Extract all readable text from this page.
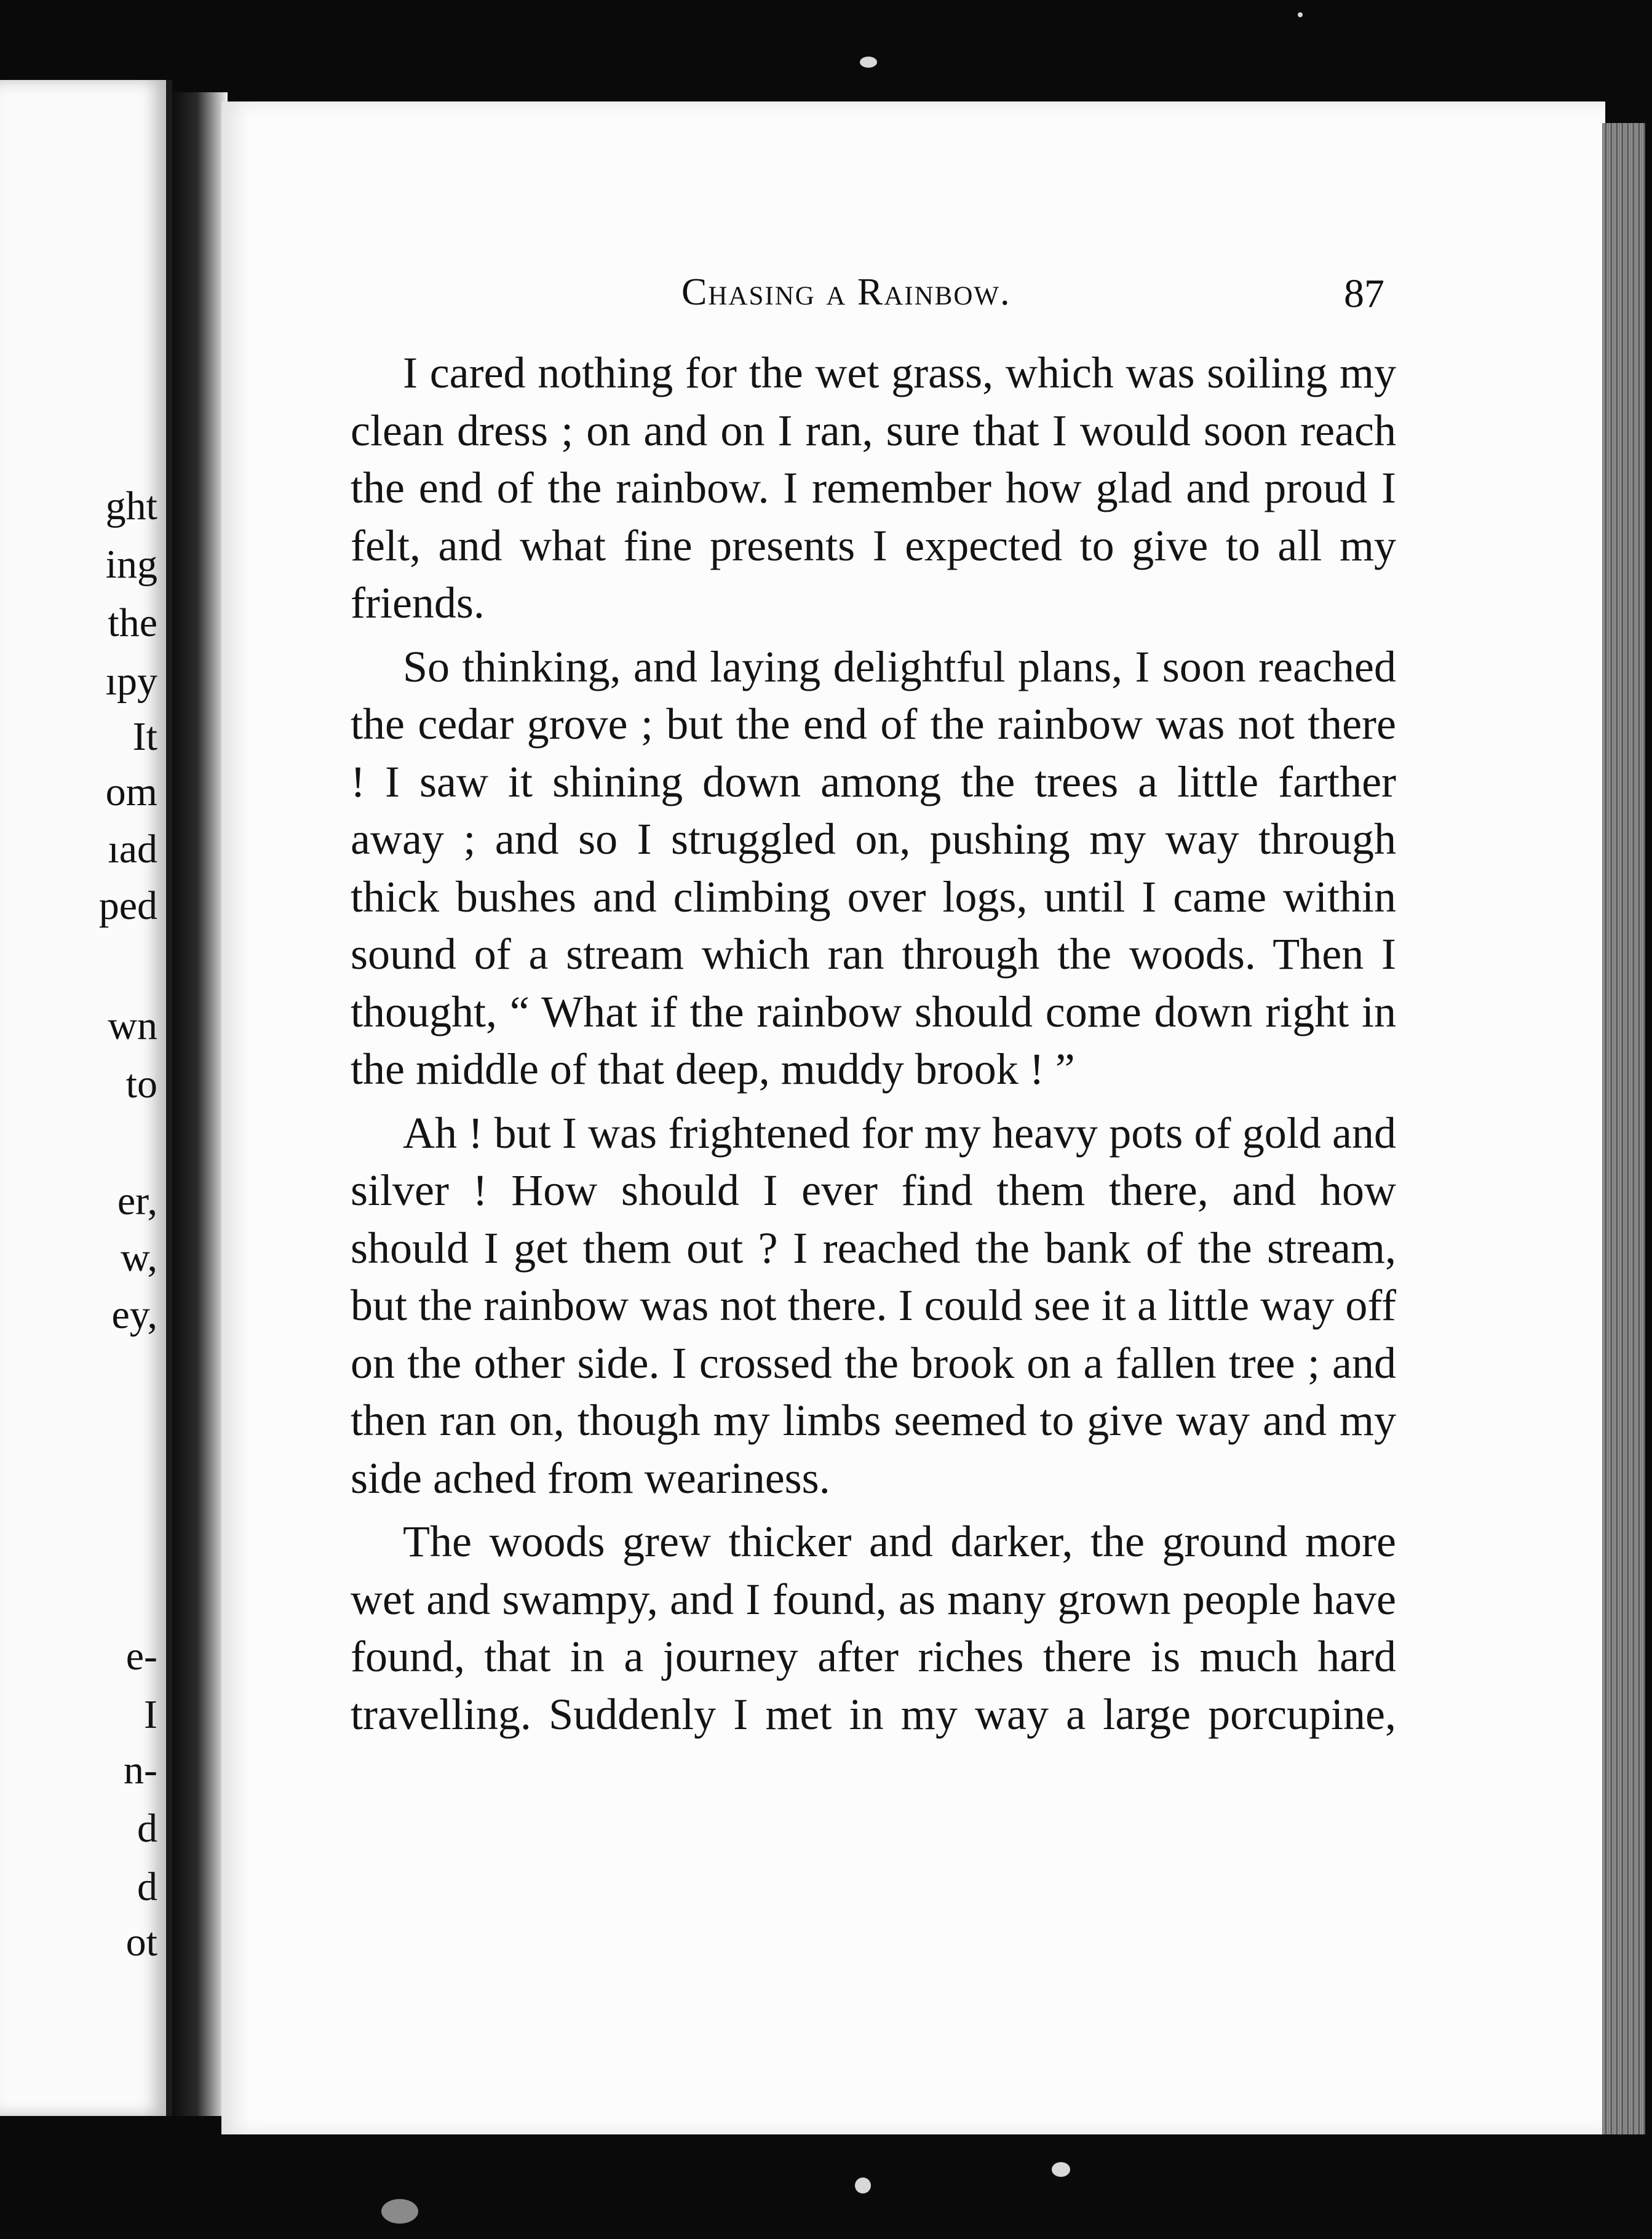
ght
ing
the
ıpy
It
om
ıad
ped
wn
to
er,
w,
ey,
e-
I
n-
d
d
ot
Chasing a Rainbow.	87

I cared nothing for the wet grass, which was soiling my clean dress ; on and on I ran, sure that I would soon reach the end of the rainbow. I remember how glad and proud I felt, and what fine presents I expected to give to all my friends.

So thinking, and laying delightful plans, I soon reached the cedar grove ; but the end of the rainbow was not there ! I saw it shining down among the trees a little farther away ; and so I struggled on, pushing my way through thick bushes and climbing over logs, until I came within sound of a stream which ran through the woods. Then I thought, “ What if the rainbow should come down right in the middle of that deep, muddy brook ! ”

Ah ! but I was frightened for my heavy pots of gold and silver ! How should I ever find them there, and how should I get them out ? I reached the bank of the stream, but the rainbow was not there. I could see it a little way off on the other side. I crossed the brook on a fallen tree ; and then ran on, though my limbs seemed to give way and my side ached from weariness.

The woods grew thicker and darker, the ground more wet and swampy, and I found, as many grown people have found, that in a journey after riches there is much hard travelling. Suddenly I met in my way a large porcupine,
